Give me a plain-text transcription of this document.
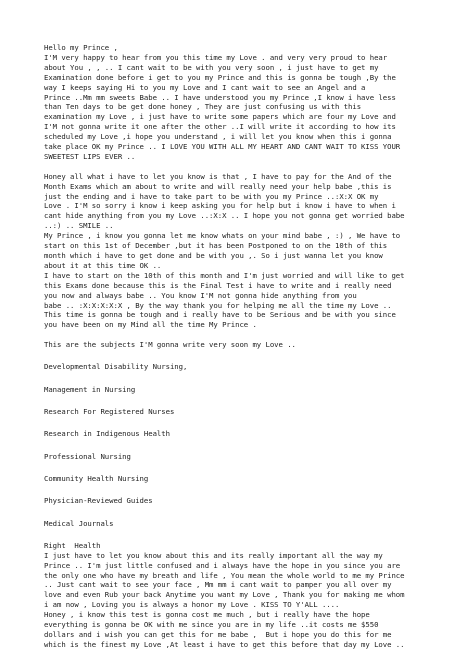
Hello my Prince ,

I'M very happy to hear from you this time my Love . and very very proud to hear
about You , , .. I cant wait to be with you very soon , i just have to get my
Examination done before i get to you my Prince and this is gonna be tough ,By the
way I keeps saying Hi to you my Love and I cant wait to see an Angel and a
Prince ..Mm mm sweets Babe .. I have understood you my Prince ,I know i have less
than Ten days to be get done honey , They are just confusing us with this
examination my Love , i just have to write some papers which are four my Love and
I'M not gonna write it one after the other ..I will write it according to how its
scheduled my Love ,i hope you understand , i will let you know when this i gonna
take place OK my Prince .. I LOVE YOU WITH ALL MY HEART AND CANT WAIT TO KISS YOUR
SWEETEST LIPS EVER ..

Honey all what i have to let you know is that , I have to pay for the And of the
Month Exams which am about to write and will really need your help babe ,this is
just the ending and i have to take part to be with you my Prince ..:X:X OK my
Love . I'M so sorry i know i keep asking you for help but i know i have to when i
cant hide anything from you my Love ..:X:X .. I hope you not gonna get worried babe
..:) .. SMILE ..
My Prince , i know you gonna let me know whats on your mind babe , :) , We have to
start on this 1st of December ,but it has been Postponed to on the 10th of this
month which i have to get done and be with you ,. So i just wanna let you know
about it at this time OK ..
I have to start on the 10th of this month and I'm just worried and will like to get
this Exams done because this is the Final Test i have to write and i really need
you now and always babe .. You know I'M not gonna hide anything from you
babe .. :X:X:X:X:X , By the way thank you for helping me all the time my Love ..
This time is gonna be tough and i really have to be Serious and be with you since
you have been on my Mind all the time My Prince .

This are the subjects I'M gonna write very soon my Love ..

Developmental Disability Nursing,

Management in Nursing

Research For Registered Nurses

Research in Indigenous Health

Professional Nursing

Community Health Nursing

Physician-Reviewed Guides

Medical Journals

Right  Health

I just have to let you know about this and its really important all the way my
Prince .. I'm just little confused and i always have the hope in you since you are
the only one who have my breath and life , You mean the whole world to me my Prince
.. Just cant wait to see your face , Mm mm i cant wait to pamper you all over my
love and even Rub your back Anytime you want my Love , Thank you for making me whom
i am now , Loving you is always a honor my Love . KISS TO Y'ALL ....
Honey , i know this test is gonna cost me much , but i really have the hope
everything is gonna be OK with me since you are in my life ..it costs me $550
dollars and i wish you can get this for me babe ,  But i hope you do this for me
which is the finest my Love ,At least i have to get this before that day my Love ..
